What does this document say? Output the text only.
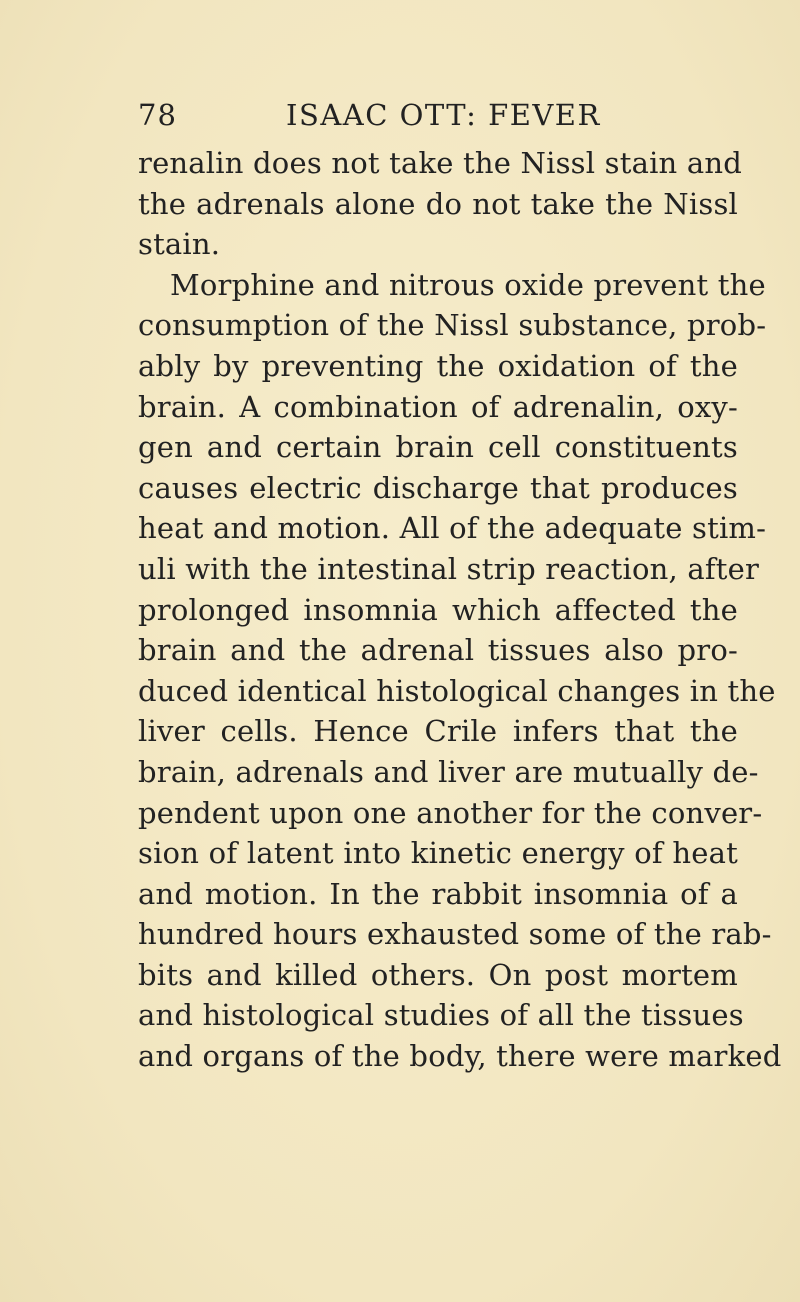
78	ISAAC OTT: FEVER
renalin does not take the Nissl stain and
the adrenals alone do not take the Nissl
stain.
Morphine and nitrous oxide prevent the
consumption of the Nissl substance, prob-
ably by preventing the oxidation of the
brain. A combination of adrenalin, oxy-
gen and certain brain cell constituents
causes electric discharge that produces
heat and motion. All of the adequate stim-
uli with the intestinal strip reaction, after
prolonged insomnia which affected the
brain and the adrenal tissues also pro-
duced identical histological changes in the
liver cells. Hence Crile infers that the
brain, adrenals and liver are mutually de-
pendent upon one another for the conver-
sion of latent into kinetic energy of heat
and motion. In the rabbit insomnia of a
hundred hours exhausted some of the rab-
bits and killed others. On post mortem
and histological studies of all the tissues
and organs of the body, there were marked
